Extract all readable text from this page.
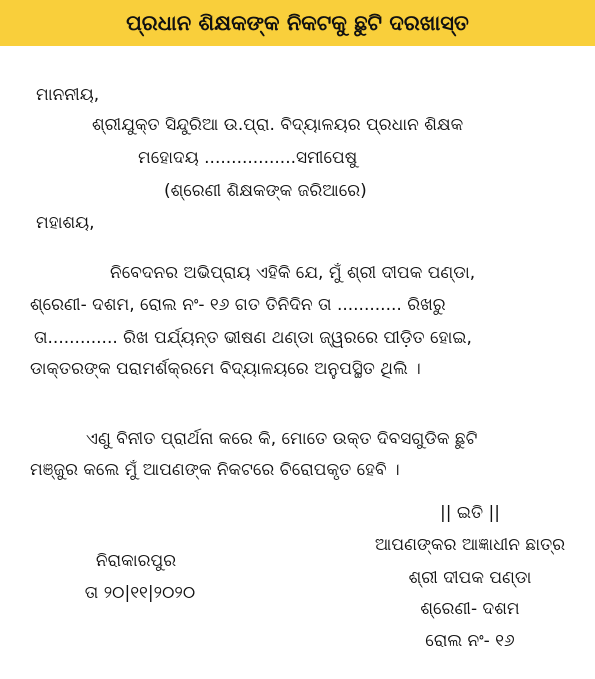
ପ୍ରଧାନ ଶିକ୍ଷକଙ୍କ ନିକଟକୁ ଛୁଟି ଦରଖାସ୍ତ
ମାନନୀୟ,
ଶ୍ରୀଯୁକ୍ତ ସିନ୍ଦୁରିଆ ଉ.ପ୍ରା. ବିଦ୍ୟାଳୟର ପ୍ରଧାନ ଶିକ୍ଷକ
ମହୋଦୟ .................ସମୀପେଷୁ
(ଶ୍ରେଣୀ ଶିକ୍ଷକଙ୍କ ଜରିଆରେ)
ମହାଶୟ,
ନିବେଦନର ଅଭିପ୍ରାୟ ଏହିକି ଯେ, ମୁଁ ଶ୍ରୀ ଦୀପକ ପଣ୍ଡା,
ଶ୍ରେଣୀ- ଦଶମ, ରୋଲ ନଂ- ୧୬ ଗତ ତିନିଦିନ ତା ............ ରିଖରୁ
ତା............. ରିଖ ପର୍ଯ୍ୟନ୍ତ ଭୀଷଣ ଥଣ୍ଡା ଜ୍ୱରରେ ପୀଡ଼ିତ ହୋଇ,
ଡାକ୍ତରଙ୍କ ପରାମର୍ଶକ୍ରମେ ବିଦ୍ୟାଳୟରେ ଅନୁପସ୍ଥିତ ଥିଲି ।
ଏଣୁ ବିନୀତ ପ୍ରାର୍ଥନା କରେ କି, ମୋତେ ଉକ୍ତ ଦିବସଗୁଡିକ ଛୁଟି
ମଞ୍ଜୁର କଲେ ମୁଁ ଆପଣଙ୍କ ନିକଟରେ ଚିରୋପକୃତ ହେବି ।
|| ଇତି ||
ଆପଣଙ୍କର ଆଜ୍ଞାଧୀନ ଛାତ୍ର
ଶ୍ରୀ ଦୀପକ ପଣ୍ଡା
ଶ୍ରେଣୀ- ଦଶମ
ରୋଲ ନଂ- ୧୬
ନିରାକାରପୁର
ତା ୨୦|୧୧|୨୦୨୦
